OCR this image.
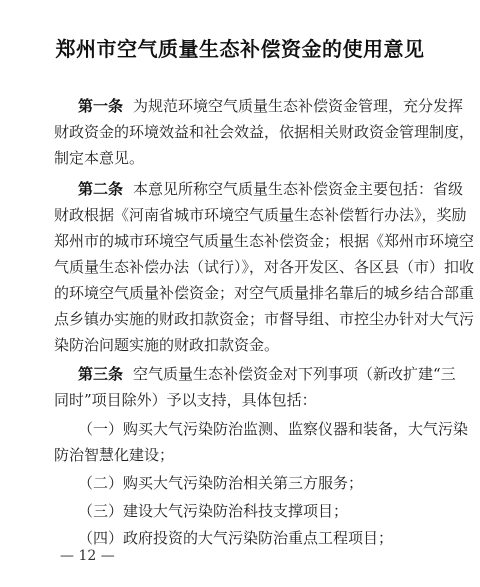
郑州市空气质量生态补偿资金的使用意见
第一条 为规范环境空气质量生态补偿资金管理，充分发挥
财政资金的环境效益和社会效益，依据相关财政资金管理制度，
制定本意见。
第二条 本意见所称空气质量生态补偿资金主要包括：省级
财政根据《河南省城市环境空气质量生态补偿暂行办法》，奖励
郑州市的城市环境空气质量生态补偿资金；根据《郑州市环境空
气质量生态补偿办法（试行）》，对各开发区、各区县（市）扣收
的环境空气质量补偿资金；对空气质量排名靠后的城乡结合部重
点乡镇办实施的财政扣款资金；市督导组、市控尘办针对大气污
染防治问题实施的财政扣款资金。
第三条 空气质量生态补偿资金对下列事项（新改扩建“三
同时”项目除外）予以支持，具体包括：
（一）购买大气污染防治监测、监察仪器和装备，大气污染
防治智慧化建设；
（二）购买大气污染防治相关第三方服务；
（三）建设大气污染防治科技支撑项目；
（四）政府投资的大气污染防治重点工程项目；
— 12 —
